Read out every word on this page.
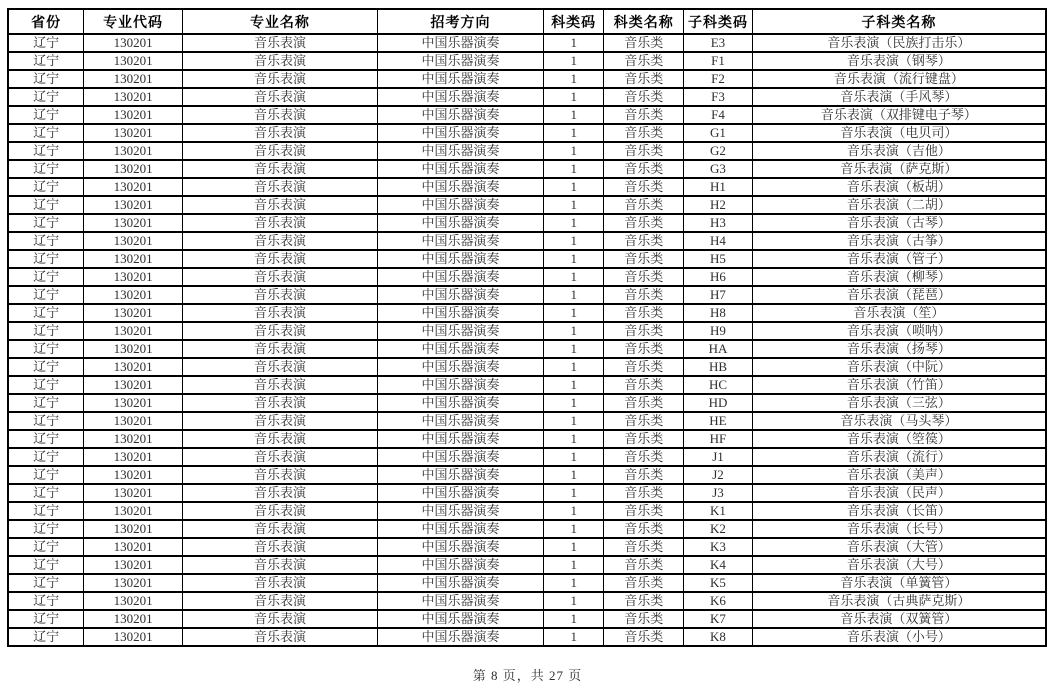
省份	专业代码	专业名称	招考方向	科类码	科类名称	子科类码	子科类名称
辽宁	130201	音乐表演	中国乐器演奏	1	音乐类	E3	音乐表演（民族打击乐）
辽宁	130201	音乐表演	中国乐器演奏	1	音乐类	F1	音乐表演（钢琴）
辽宁	130201	音乐表演	中国乐器演奏	1	音乐类	F2	音乐表演（流行键盘）
辽宁	130201	音乐表演	中国乐器演奏	1	音乐类	F3	音乐表演（手风琴）
辽宁	130201	音乐表演	中国乐器演奏	1	音乐类	F4	音乐表演（双排键电子琴）
辽宁	130201	音乐表演	中国乐器演奏	1	音乐类	G1	音乐表演（电贝司）
辽宁	130201	音乐表演	中国乐器演奏	1	音乐类	G2	音乐表演（吉他）
辽宁	130201	音乐表演	中国乐器演奏	1	音乐类	G3	音乐表演（萨克斯）
辽宁	130201	音乐表演	中国乐器演奏	1	音乐类	H1	音乐表演（板胡）
辽宁	130201	音乐表演	中国乐器演奏	1	音乐类	H2	音乐表演（二胡）
辽宁	130201	音乐表演	中国乐器演奏	1	音乐类	H3	音乐表演（古琴）
辽宁	130201	音乐表演	中国乐器演奏	1	音乐类	H4	音乐表演（古筝）
辽宁	130201	音乐表演	中国乐器演奏	1	音乐类	H5	音乐表演（管子）
辽宁	130201	音乐表演	中国乐器演奏	1	音乐类	H6	音乐表演（柳琴）
辽宁	130201	音乐表演	中国乐器演奏	1	音乐类	H7	音乐表演（琵琶）
辽宁	130201	音乐表演	中国乐器演奏	1	音乐类	H8	音乐表演（笙）
辽宁	130201	音乐表演	中国乐器演奏	1	音乐类	H9	音乐表演（唢呐）
辽宁	130201	音乐表演	中国乐器演奏	1	音乐类	HA	音乐表演（扬琴）
辽宁	130201	音乐表演	中国乐器演奏	1	音乐类	HB	音乐表演（中阮）
辽宁	130201	音乐表演	中国乐器演奏	1	音乐类	HC	音乐表演（竹笛）
辽宁	130201	音乐表演	中国乐器演奏	1	音乐类	HD	音乐表演（三弦）
辽宁	130201	音乐表演	中国乐器演奏	1	音乐类	HE	音乐表演（马头琴）
辽宁	130201	音乐表演	中国乐器演奏	1	音乐类	HF	音乐表演（箜篌）
辽宁	130201	音乐表演	中国乐器演奏	1	音乐类	J1	音乐表演（流行）
辽宁	130201	音乐表演	中国乐器演奏	1	音乐类	J2	音乐表演（美声）
辽宁	130201	音乐表演	中国乐器演奏	1	音乐类	J3	音乐表演（民声）
辽宁	130201	音乐表演	中国乐器演奏	1	音乐类	K1	音乐表演（长笛）
辽宁	130201	音乐表演	中国乐器演奏	1	音乐类	K2	音乐表演（长号）
辽宁	130201	音乐表演	中国乐器演奏	1	音乐类	K3	音乐表演（大管）
辽宁	130201	音乐表演	中国乐器演奏	1	音乐类	K4	音乐表演（大号）
辽宁	130201	音乐表演	中国乐器演奏	1	音乐类	K5	音乐表演（单簧管）
辽宁	130201	音乐表演	中国乐器演奏	1	音乐类	K6	音乐表演（古典萨克斯）
辽宁	130201	音乐表演	中国乐器演奏	1	音乐类	K7	音乐表演（双簧管）
辽宁	130201	音乐表演	中国乐器演奏	1	音乐类	K8	音乐表演（小号）
第 8 页，共 27 页
